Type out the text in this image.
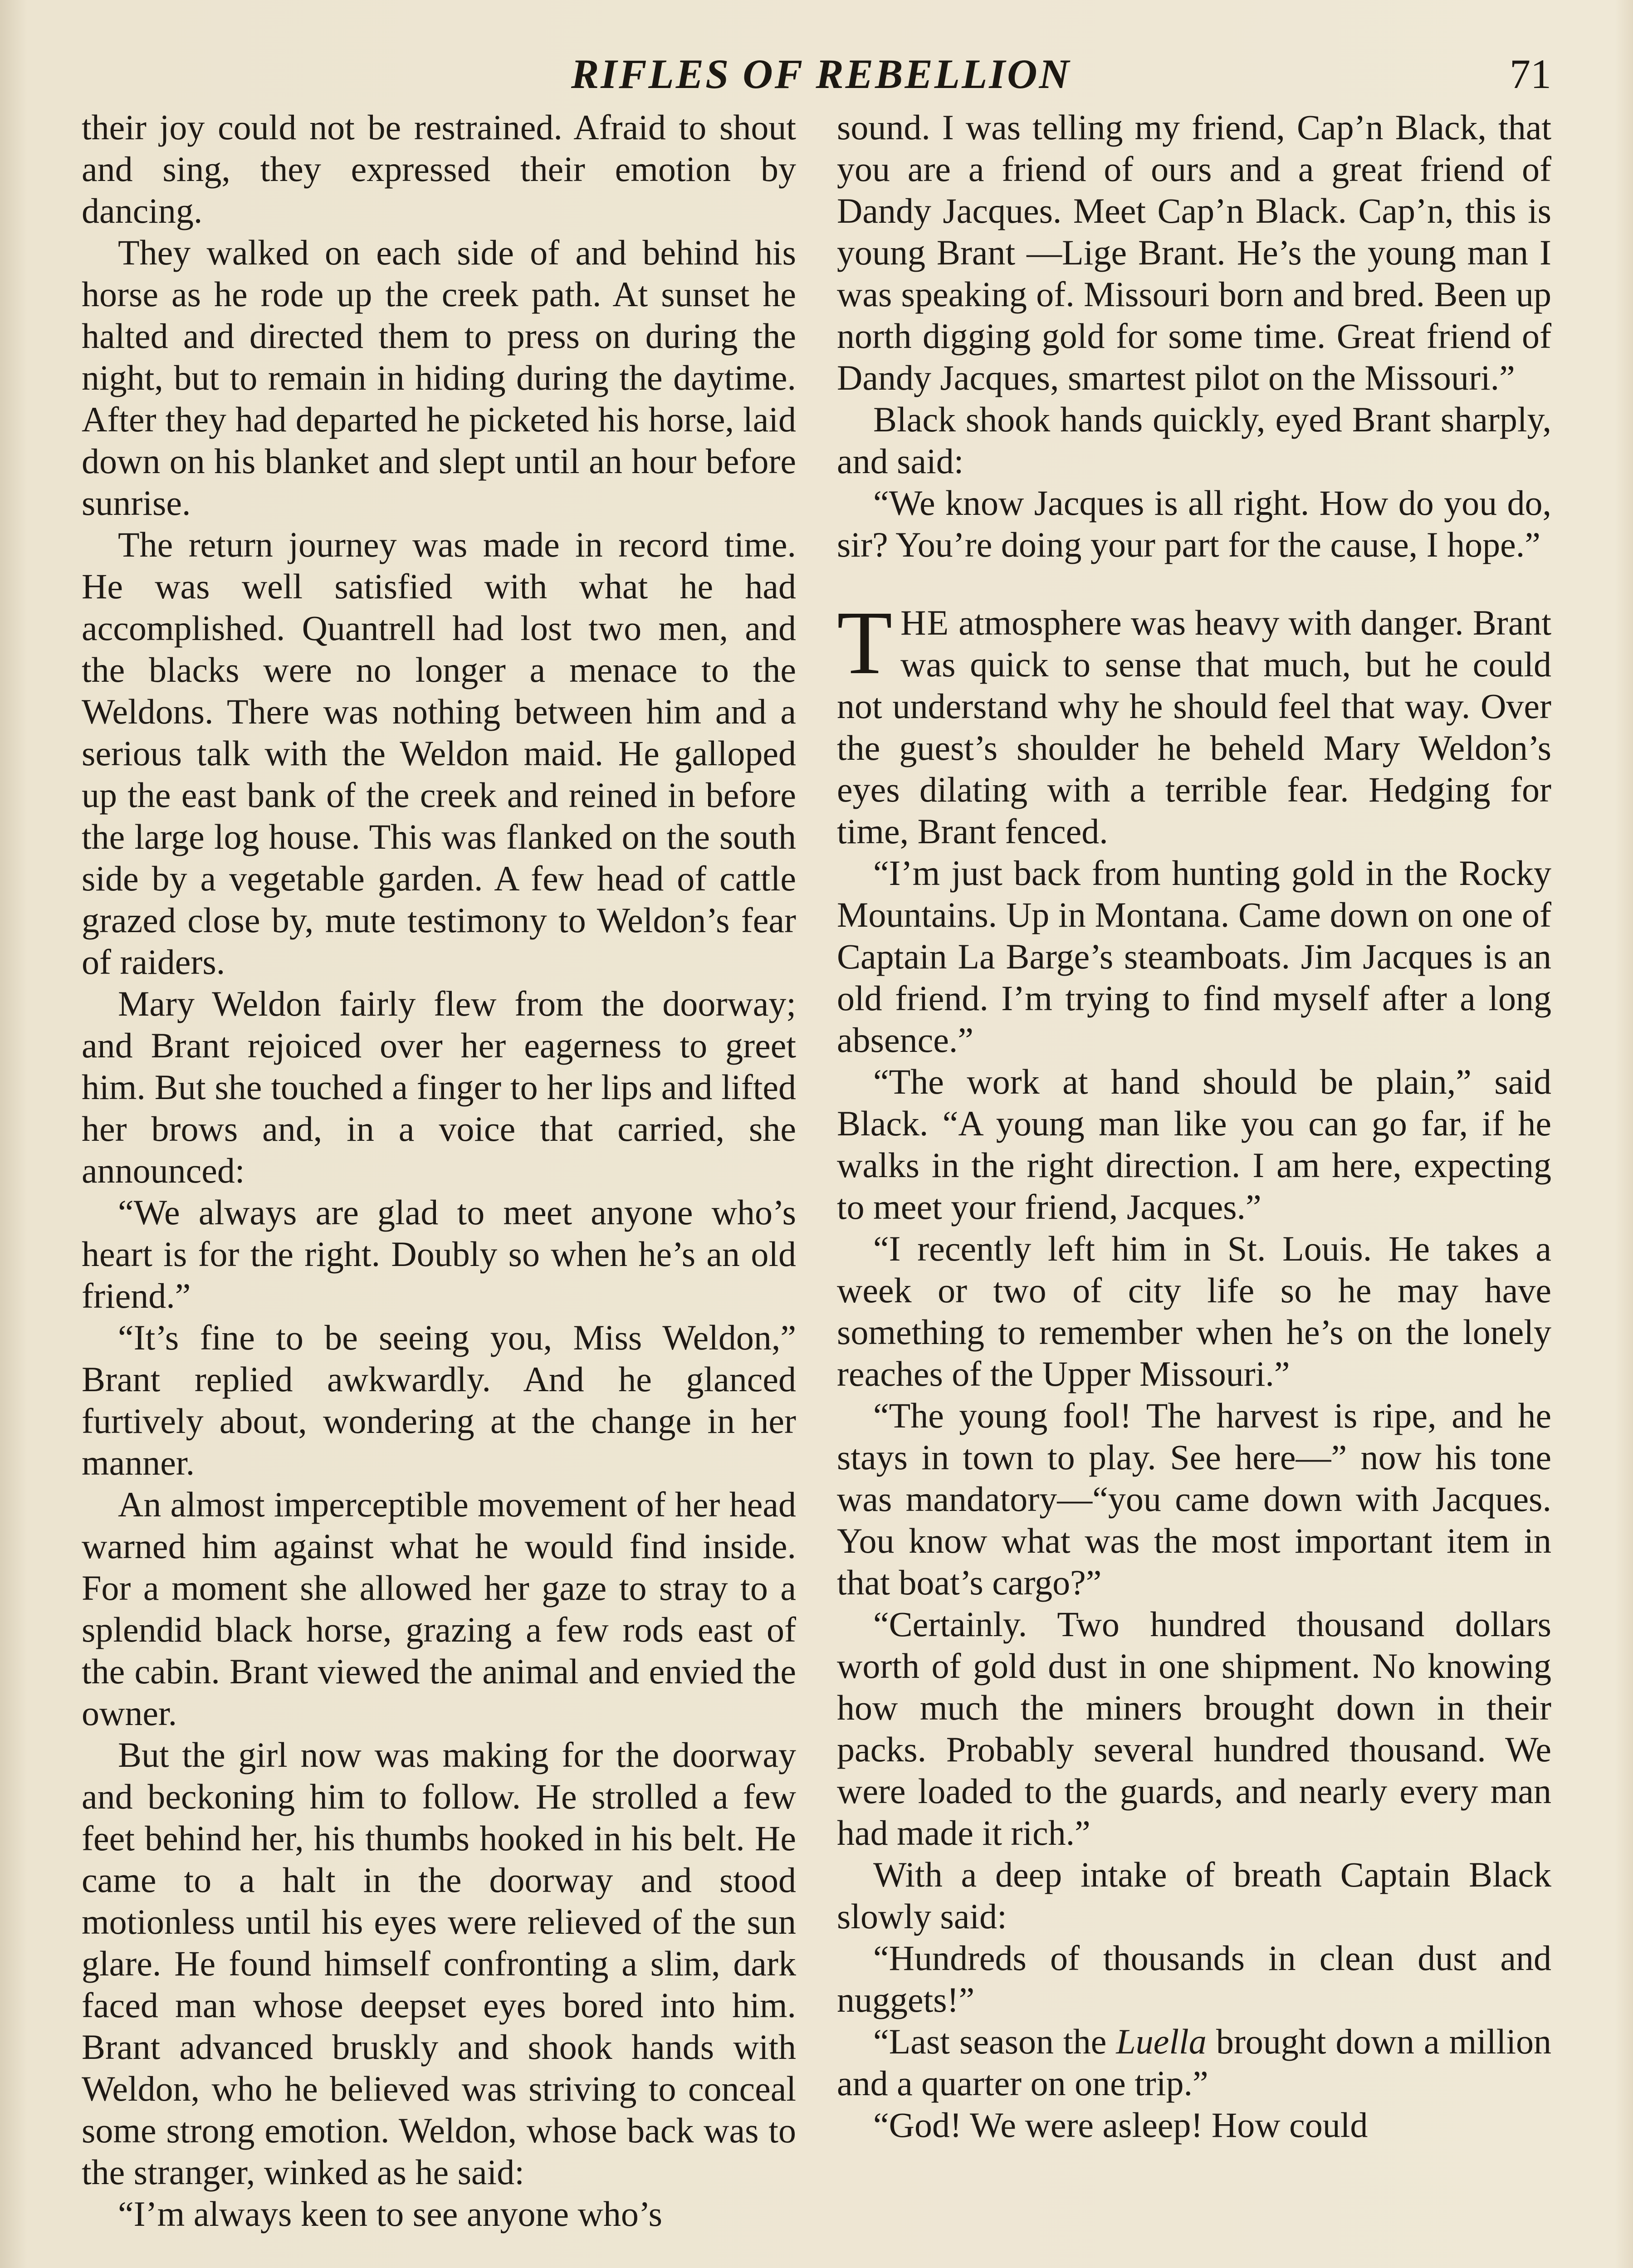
RIFLES OF REBELLION	71

their joy could not be restrained. Afraid to shout and sing, they expressed their emotion by dancing.

They walked on each side of and behind his horse as he rode up the creek path. At sunset he halted and directed them to press on during the night, but to remain in hiding during the daytime. After they had departed he picketed his horse, laid down on his blanket and slept until an hour before sunrise.

The return journey was made in record time. He was well satisfied with what he had accomplished. Quantrell had lost two men, and the blacks were no longer a menace to the Weldons. There was nothing between him and a serious talk with the Weldon maid. He galloped up the east bank of the creek and reined in before the large log house. This was flanked on the south side by a vegetable garden. A few head of cattle grazed close by, mute testimony to Weldon’s fear of raiders.

Mary Weldon fairly flew from the doorway; and Brant rejoiced over her eagerness to greet him. But she touched a finger to her lips and lifted her brows and, in a voice that carried, she announced:

“We always are glad to meet anyone who’s heart is for the right. Doubly so when he’s an old friend.”

“It’s fine to be seeing you, Miss Weldon,” Brant replied awkwardly. And he glanced furtively about, wondering at the change in her manner.

An almost imperceptible movement of her head warned him against what he would find inside. For a moment she allowed her gaze to stray to a splendid black horse, grazing a few rods east of the cabin. Brant viewed the animal and envied the owner.

But the girl now was making for the doorway and beckoning him to follow. He strolled a few feet behind her, his thumbs hooked in his belt. He came to a halt in the doorway and stood motionless until his eyes were relieved of the sun glare. He found himself confronting a slim, dark faced man whose deepset eyes bored into him. Brant advanced bruskly and shook hands with Weldon, who he believed was striving to conceal some strong emotion. Weldon, whose back was to the stranger, winked as he said:

“I’m always keen to see anyone who’s

sound. I was telling my friend, Cap’n Black, that you are a friend of ours and a great friend of Dandy Jacques. Meet Cap’n Black. Cap’n, this is young Brant —Lige Brant. He’s the young man I was speaking of. Missouri born and bred. Been up north digging gold for some time. Great friend of Dandy Jacques, smartest pilot on the Missouri.”

Black shook hands quickly, eyed Brant sharply, and said:

“We know Jacques is all right. How do you do, sir? You’re doing your part for the cause, I hope.”

THE atmosphere was heavy with danger. Brant was quick to sense that much, but he could not understand why he should feel that way. Over the guest’s shoulder he beheld Mary Weldon’s eyes dilating with a terrible fear. Hedging for time, Brant fenced.

“I’m just back from hunting gold in the Rocky Mountains. Up in Montana. Came down on one of Captain La Barge’s steamboats. Jim Jacques is an old friend. I’m trying to find myself after a long absence.”

“The work at hand should be plain,” said Black. “A young man like you can go far, if he walks in the right direction. I am here, expecting to meet your friend, Jacques.”

“I recently left him in St. Louis. He takes a week or two of city life so he may have something to remember when he’s on the lonely reaches of the Upper Missouri.”

“The young fool! The harvest is ripe, and he stays in town to play. See here—” now his tone was mandatory—“you came down with Jacques. You know what was the most important item in that boat’s cargo?”

“Certainly. Two hundred thousand dollars worth of gold dust in one shipment. No knowing how much the miners brought down in their packs. Probably several hundred thousand. We were loaded to the guards, and nearly every man had made it rich.”

With a deep intake of breath Captain Black slowly said:

“Hundreds of thousands in clean dust and nuggets!”

“Last season the Luella brought down a million and a quarter on one trip.”

“God! We were asleep! How could
